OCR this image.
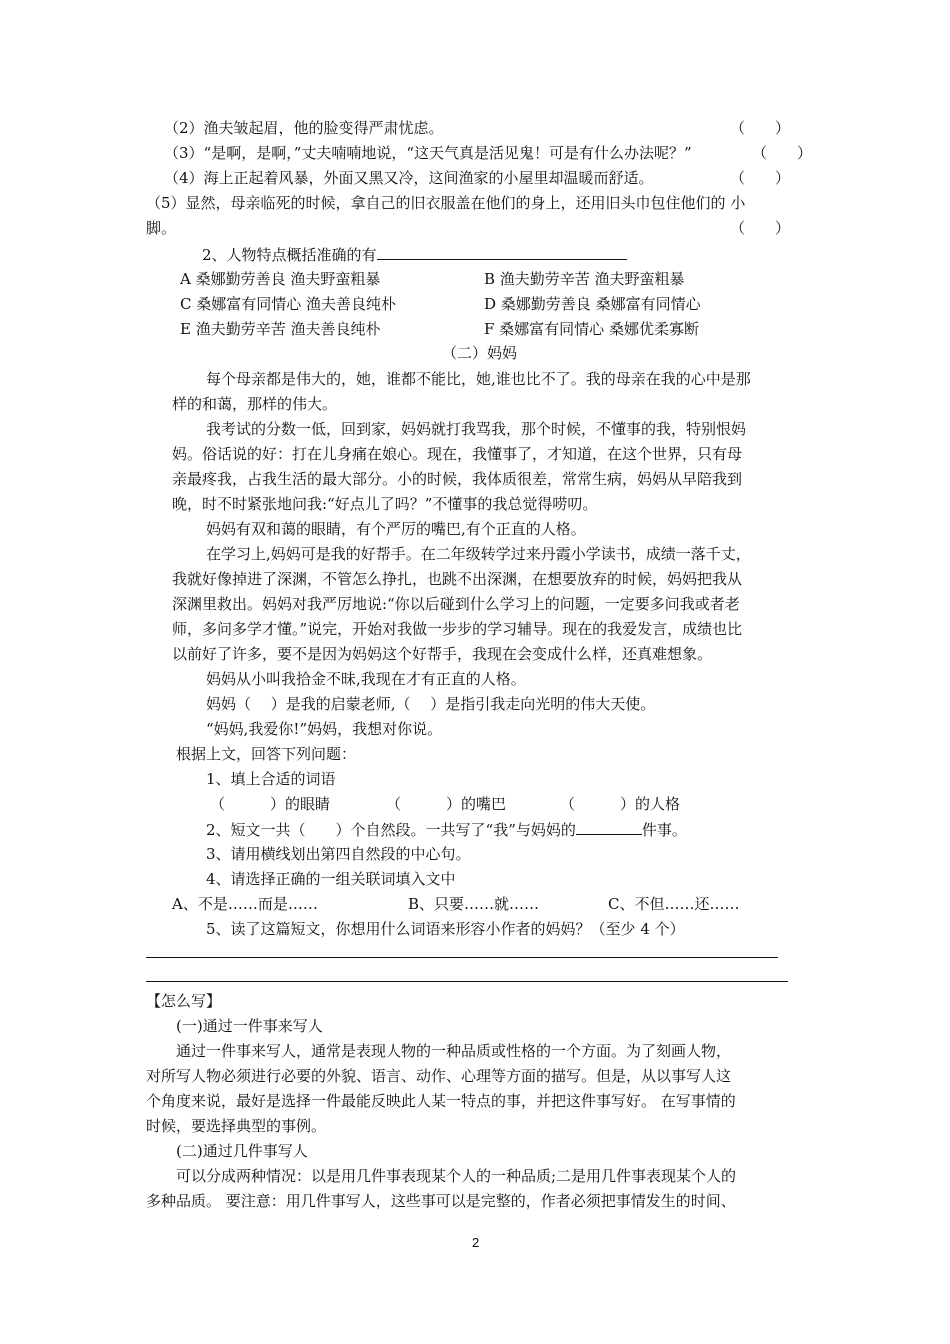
（2）渔夫皱起眉，他的脸变得严肃忧虑。	（　　）
（3）“是啊，是啊，”丈夫喃喃地说，“这天气真是活见鬼！可是有什么办法呢？”	（　　）
（4）海上正起着风暴，外面又黑又冷，这间渔家的小屋里却温暖而舒适。	（　　）
（5）显然，母亲临死的时候，拿自己的旧衣服盖在他们的身上，还用旧头巾包住他们的 小
脚。	（　　）
2、人物特点概括准确的有
A 桑娜勤劳善良 渔夫野蛮粗暴	B 渔夫勤劳辛苦 渔夫野蛮粗暴
C 桑娜富有同情心 渔夫善良纯朴	D 桑娜勤劳善良 桑娜富有同情心
E 渔夫勤劳辛苦 渔夫善良纯朴	F 桑娜富有同情心 桑娜优柔寡断
（二）妈妈
每个母亲都是伟大的，她，谁都不能比，她,谁也比不了。我的母亲在我的心中是那
样的和蔼，那样的伟大。
我考试的分数一低，回到家，妈妈就打我骂我，那个时候，不懂事的我，特别恨妈
妈。俗话说的好：打在儿身痛在娘心。现在，我懂事了，才知道，在这个世界，只有母
亲最疼我，占我生活的最大部分。小的时候，我体质很差，常常生病，妈妈从早陪我到
晚，时不时紧张地问我:“好点儿了吗？”不懂事的我总觉得唠叨。
妈妈有双和蔼的眼睛，有个严厉的嘴巴,有个正直的人格。
在学习上,妈妈可是我的好帮手。在二年级转学过来丹霞小学读书，成绩一落千丈，
我就好像掉进了深渊，不管怎么挣扎，也跳不出深渊，在想要放弃的时候，妈妈把我从
深渊里救出。妈妈对我严厉地说:“你以后碰到什么学习上的问题，一定要多问我或者老
师，多问多学才懂。”说完，开始对我做一步步的学习辅导。现在的我爱发言，成绩也比
以前好了许多，要不是因为妈妈这个好帮手，我现在会变成什么样，还真难想象。
妈妈从小叫我拾金不昧,我现在才有正直的人格。
妈妈（　 ）是我的启蒙老师,（　 ）是指引我走向光明的伟大天使。
“妈妈,我爱你!”妈妈，我想对你说。
根据上文，回答下列问题：
1、填上合适的词语
（　　　）的眼睛	（　　　）的嘴巴	（　　　）的人格
2、短文一共（　　）个自然段。一共写了“我”与妈妈的	件事。
3、请用横线划出第四自然段的中心句。
4、请选择正确的一组关联词填入文中
A、不是……而是……	B、只要……就……	C、不但……还……
5、读了这篇短文，你想用什么词语来形容小作者的妈妈？（至少 4 个）
【怎么写】
(一)通过一件事来写人
通过一件事来写人，通常是表现人物的一种品质或性格的一个方面。为了刻画人物，
对所写人物必须进行必要的外貌、语言、动作、心理等方面的描写。但是，从以事写人这
个角度来说，最好是选择一件最能反映此人某一特点的事，并把这件事写好。 在写事情的
时候，要选择典型的事例。
(二)通过几件事写人
可以分成两种情况：以是用几件事表现某个人的一种品质;二是用几件事表现某个人的
多种品质。 要注意：用几件事写人，这些事可以是完整的，作者必须把事情发生的时间、
2
